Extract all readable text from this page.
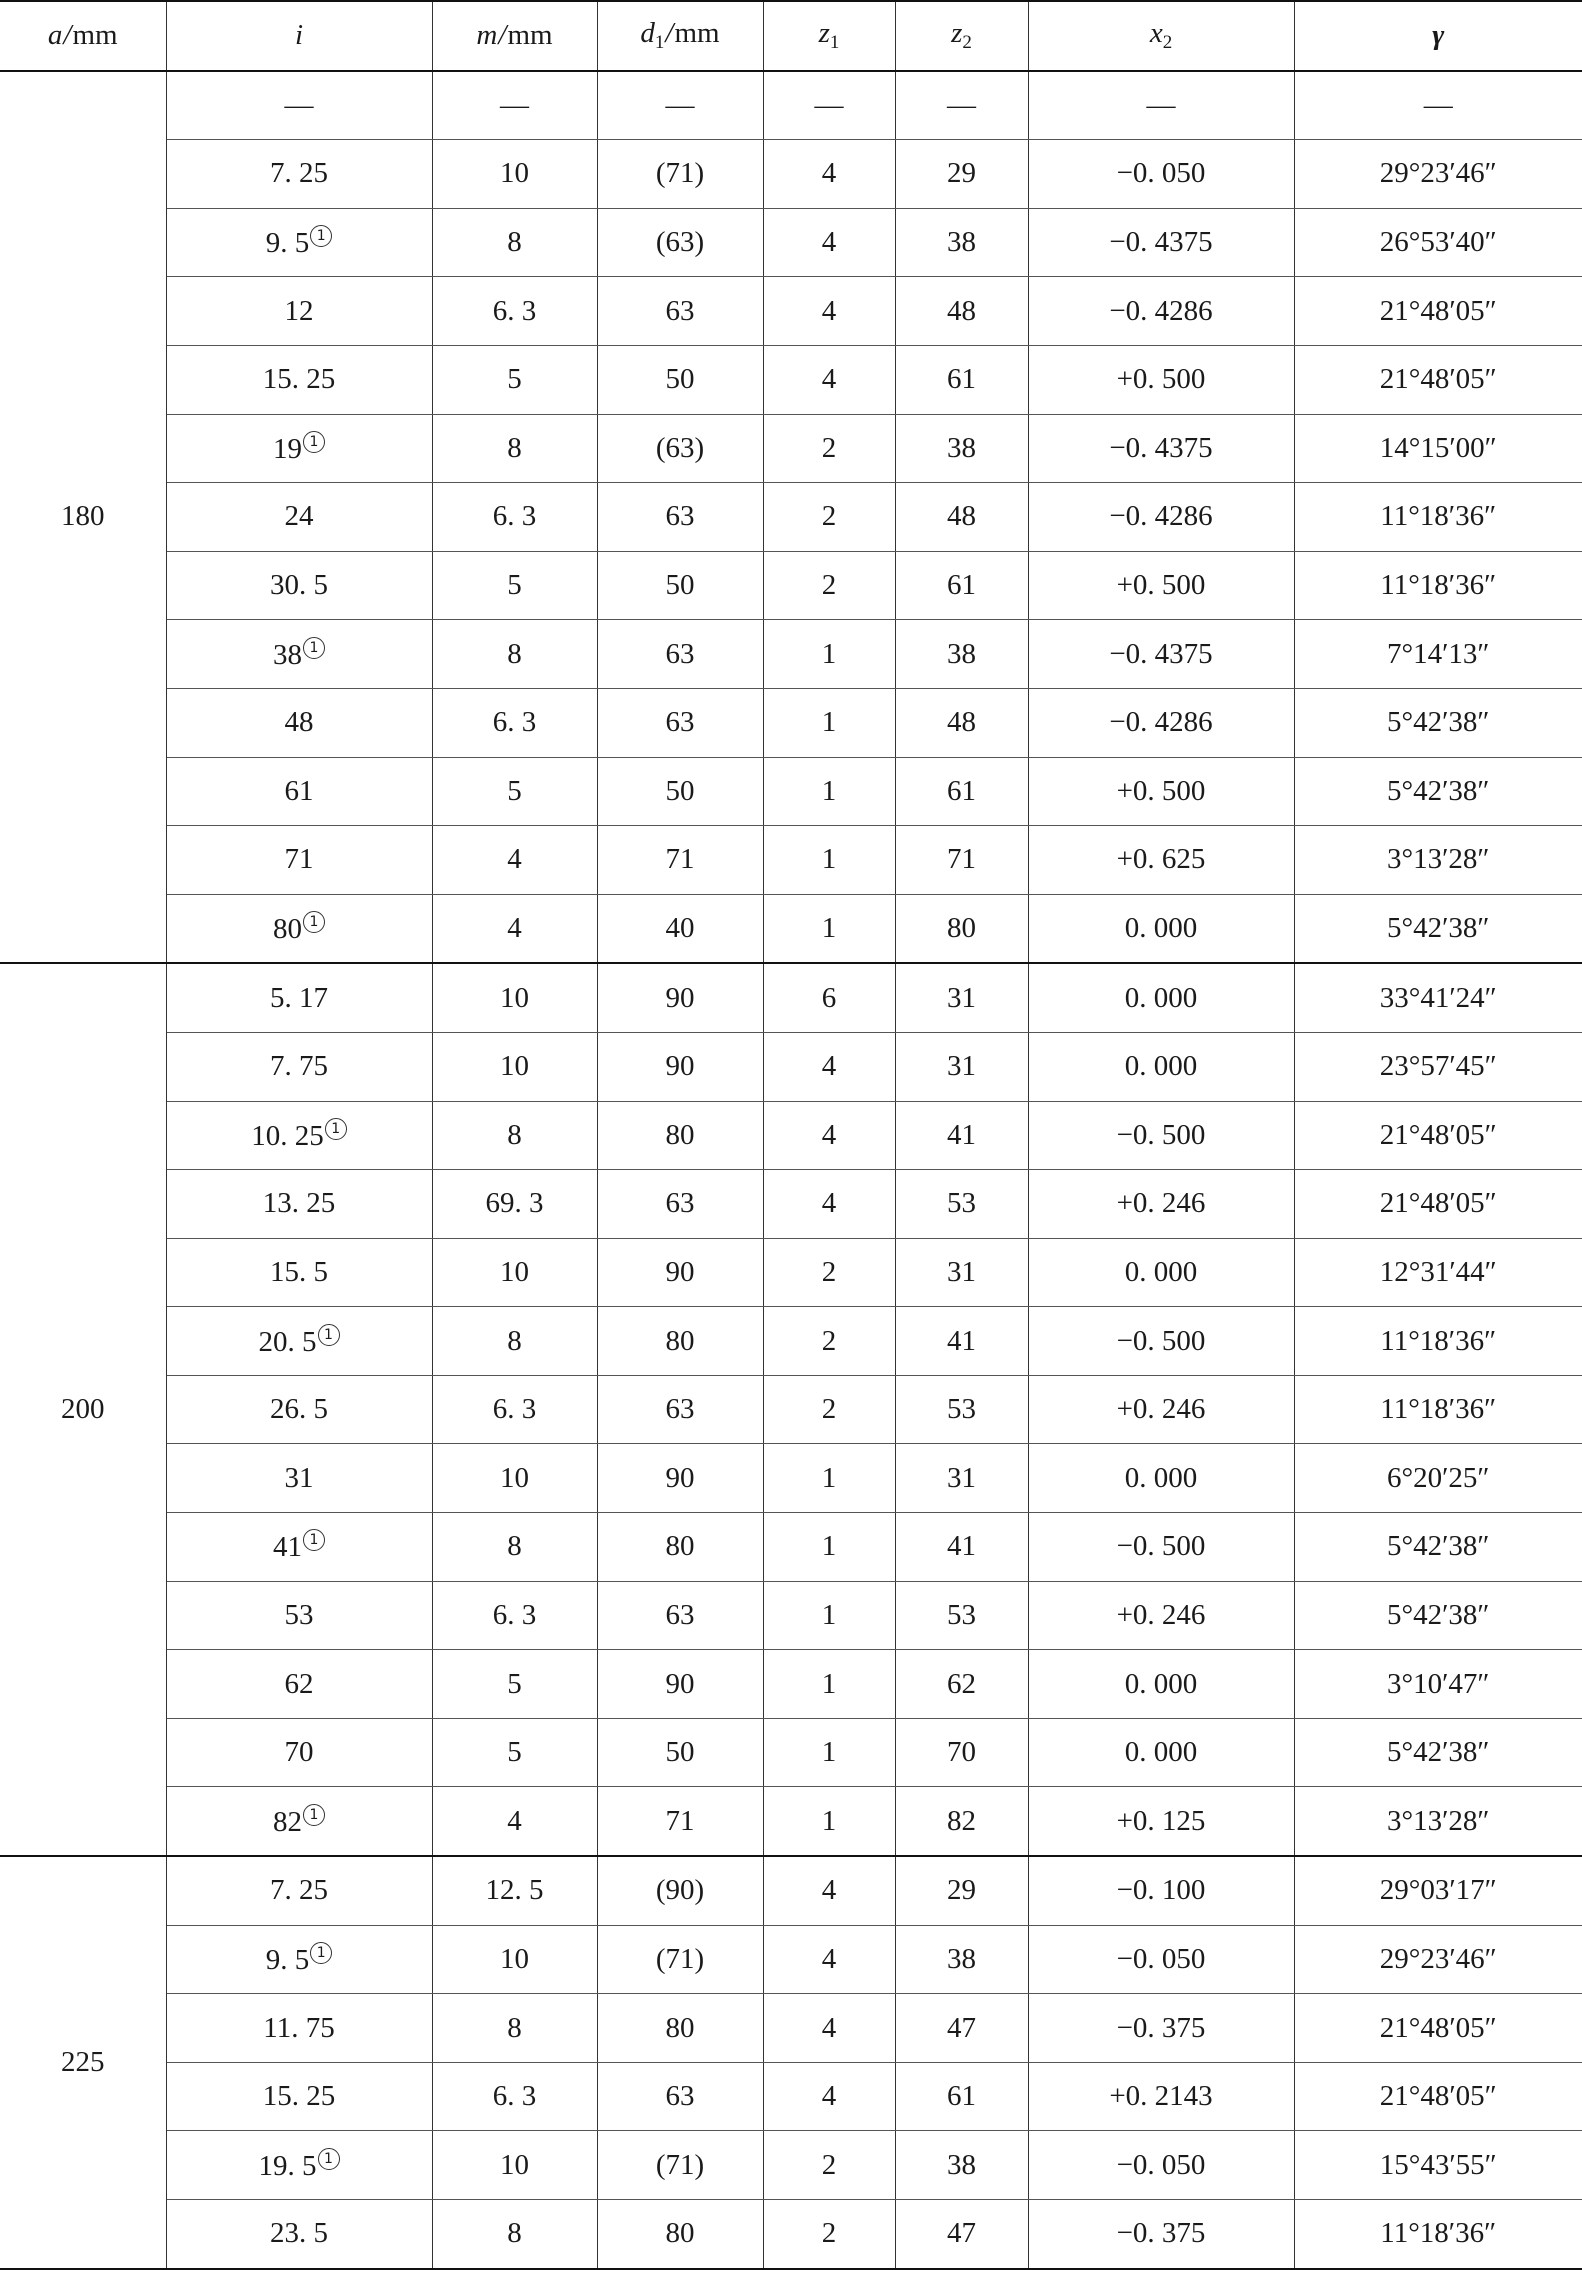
a/mm	i	m/mm	$d_1/mm$	$z_1$	$z_2$	$x_2$	γ
180	—	—	—	—	—	—	—
	7. 25	10	(71)	4	29	−0. 050	29°23′46″
	9. 5 1	8	(63)	4	38	−0. 4375	26°53′40″
	12	6. 3	63	4	48	−0. 4286	21°48′05″
	15. 25	5	50	4	61	+0. 500	21°48′05″
	19 1	8	(63)	2	38	−0. 4375	14°15′00″
	24	6. 3	63	2	48	−0. 4286	11°18′36″
	30. 5	5	50	2	61	+0. 500	11°18′36″
	38 1	8	63	1	38	−0. 4375	7°14′13″
	48	6. 3	63	1	48	−0. 4286	5°42′38″
	61	5	50	1	61	+0. 500	5°42′38″
	71	4	71	1	71	+0. 625	3°13′28″
	80 1	4	40	1	80	0. 000	5°42′38″
200	5. 17	10	90	6	31	0. 000	33°41′24″
	7. 75	10	90	4	31	0. 000	23°57′45″
	10. 25 1	8	80	4	41	−0. 500	21°48′05″
	13. 25	69. 3	63	4	53	+0. 246	21°48′05″
	15. 5	10	90	2	31	0. 000	12°31′44″
	20. 5 1	8	80	2	41	−0. 500	11°18′36″
	26. 5	6. 3	63	2	53	+0. 246	11°18′36″
	31	10	90	1	31	0. 000	6°20′25″
	41 1	8	80	1	41	−0. 500	5°42′38″
	53	6. 3	63	1	53	+0. 246	5°42′38″
	62	5	90	1	62	0. 000	3°10′47″
	70	5	50	1	70	0. 000	5°42′38″
	82 1	4	71	1	82	+0. 125	3°13′28″
225	7. 25	12. 5	(90)	4	29	−0. 100	29°03′17″
	9. 5 1	10	(71)	4	38	−0. 050	29°23′46″
	11. 75	8	80	4	47	−0. 375	21°48′05″
	15. 25	6. 3	63	4	61	+0. 2143	21°48′05″
	19. 5 1	10	(71)	2	38	−0. 050	15°43′55″
	23. 5	8	80	2	47	−0. 375	11°18′36″
